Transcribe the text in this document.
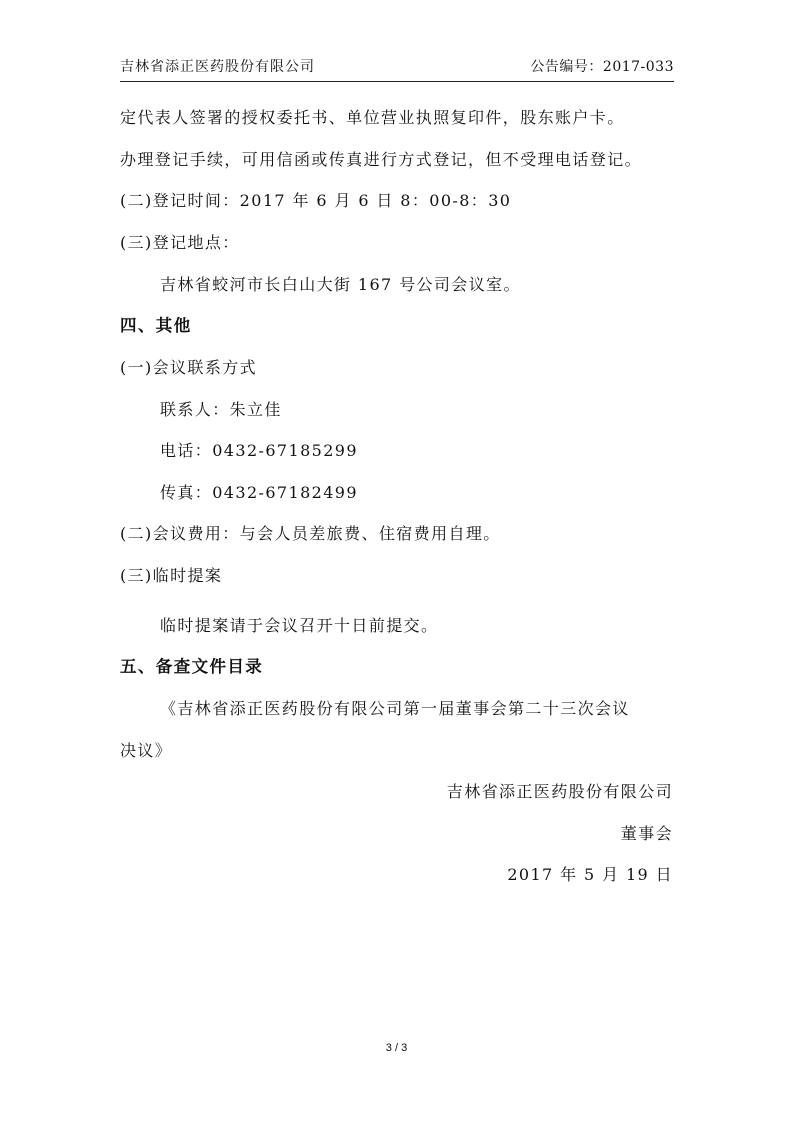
吉林省添正医药股份有限公司	公告编号：2017-033
定代表人签署的授权委托书、单位营业执照复印件，股东账户卡。
办理登记手续，可用信函或传真进行方式登记，但不受理电话登记。
(二)登记时间：2017 年 6 月 6 日 8：00-8：30
(三)登记地点：
吉林省蛟河市长白山大街 167 号公司会议室。
四、其他
(一)会议联系方式
联系人：朱立佳
电话：0432-67185299
传真：0432-67182499
(二)会议费用：与会人员差旅费、住宿费用自理。
(三)临时提案
临时提案请于会议召开十日前提交。
五、备查文件目录
《吉林省添正医药股份有限公司第一届董事会第二十三次会议
决议》
吉林省添正医药股份有限公司
董事会
2017 年 5 月 19 日
3 / 3
